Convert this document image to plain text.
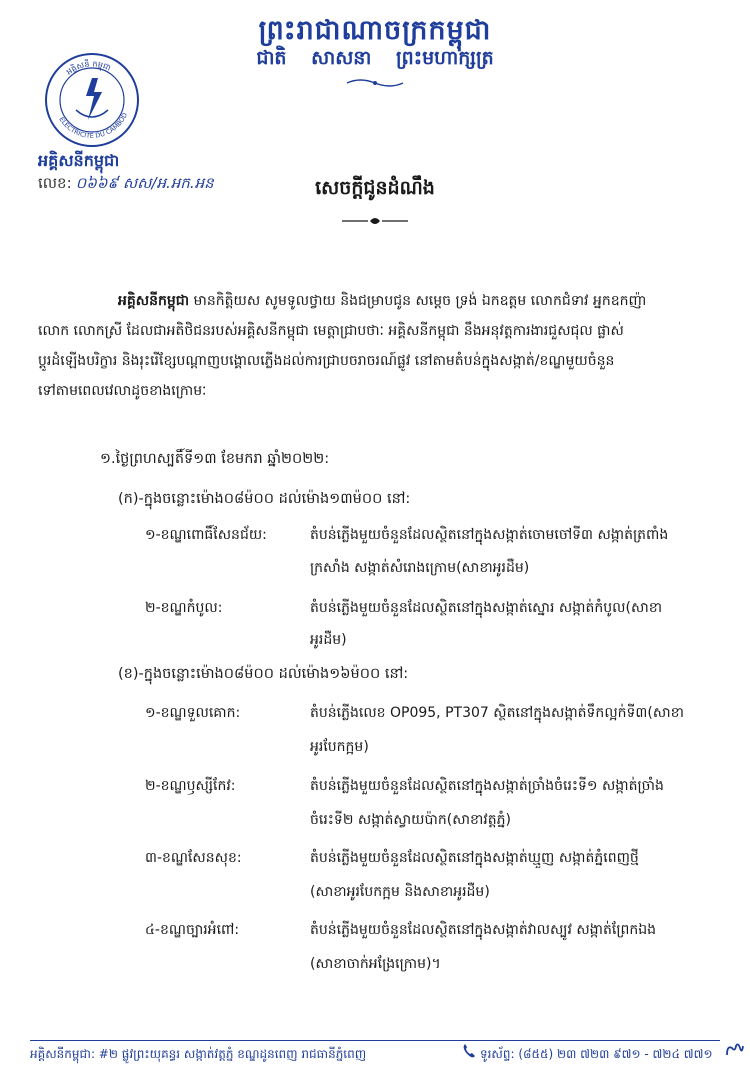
ព្រះរាជាណាចក្រកម្ពុជា
ជាតិ សាសនា ព្រះមហាក្សត្រ
អគ្គិសនី កម្ពុជា
ELECTRICITE DU CAMBOD
អគ្គិសនីកម្ពុជា
លេខ: ០៦៦៩ សស/អ.អក.អន	សេចក្តីជូនដំណឹង
អគ្គិសនីកម្ពុជា មានកិត្តិយស សូមទូលថ្វាយ និងជម្រាបជូន សម្តេច ទ្រង់ ឯកឧត្តម លោកជំទាវ អ្នកឧកញ៉ា
លោក លោកស្រី ដែលជាអតិថិជនរបស់អគ្គិសនីកម្ពុជា មេត្តាជ្រាបថាៈ អគ្គិសនីកម្ពុជា នឹងអនុវត្តការងារជួសជុល ផ្លាស់
ប្តូរដំឡើងបរិក្ខារ និងរុះរើខ្សែបណ្តាញបង្គោលភ្លើងដល់ការជ្រាបចរាចរណ៍ផ្លូវ នៅតាមតំបន់ក្នុងសង្កាត់/ខណ្ឌមួយចំនួន
ទៅតាមពេលវេលាដូចខាងក្រោមៈ
១.ថ្ងៃព្រហស្បតិ៍ទី១៣ ខែមករា ឆ្នាំ២០២២:
(ក)-ក្នុងចន្លោះម៉ោង០៨ម៉០០ ដល់ម៉ោង១៣ម៉០០ នៅ:
១-ខណ្ឌពោធិ៍សែនជ័យ:	តំបន់ភ្លើងមួយចំនួនដែលស្ថិតនៅក្នុងសង្កាត់ចោមចៅទី៣ សង្កាត់ត្រពាំង
ក្រសាំង សង្កាត់សំរោងក្រោម(សាខាអូរដឺម)
២-ខណ្ឌកំបូល:	តំបន់ភ្លើងមួយចំនួនដែលស្ថិតនៅក្នុងសង្កាត់ស្នោរ សង្កាត់កំបូល(សាខា
អូរដឺម)
(ខ)-ក្នុងចន្លោះម៉ោង០៨ម៉០០ ដល់ម៉ោង១៦ម៉០០ នៅ:
១-ខណ្ឌទួលគោក:	តំបន់ភ្លើងលេខ OP095, PT307 ស្ថិតនៅក្នុងសង្កាត់ទឹកល្អក់ទី៣(សាខា
អូរបែកក្អម)
២-ខណ្ឌឫស្សីកែវ:	តំបន់ភ្លើងមួយចំនួនដែលស្ថិតនៅក្នុងសង្កាត់ច្រាំងចំរេះទី១ សង្កាត់ច្រាំង
ចំរេះទី២ សង្កាត់ស្វាយប៉ាក(សាខាវត្តភ្នំ)
៣-ខណ្ឌសែនសុខ:	តំបន់ភ្លើងមួយចំនួនដែលស្ថិតនៅក្នុងសង្កាត់ឃ្មួញ សង្កាត់ភ្នំពេញថ្មី
(សាខាអូរបែកក្អម និងសាខាអូរដឺម)
៤-ខណ្ឌច្បារអំពៅ:	តំបន់ភ្លើងមួយចំនួនដែលស្ថិតនៅក្នុងសង្កាត់វាលស្បូវ សង្កាត់ព្រែកឯង
(សាខាចាក់អង្រែក្រោម)។
អគ្គិសនីកម្ពុជា: #២ ផ្លូវព្រះយុគន្ធរ សង្កាត់វត្តភ្នំ ខណ្ឌដូនពេញ រាជធានីភ្នំពេញ	ទូរស័ព្ទ: (៨៥៥) ២៣ ៧២៣ ៩៧១ - ៧២៤ ៧៧១
